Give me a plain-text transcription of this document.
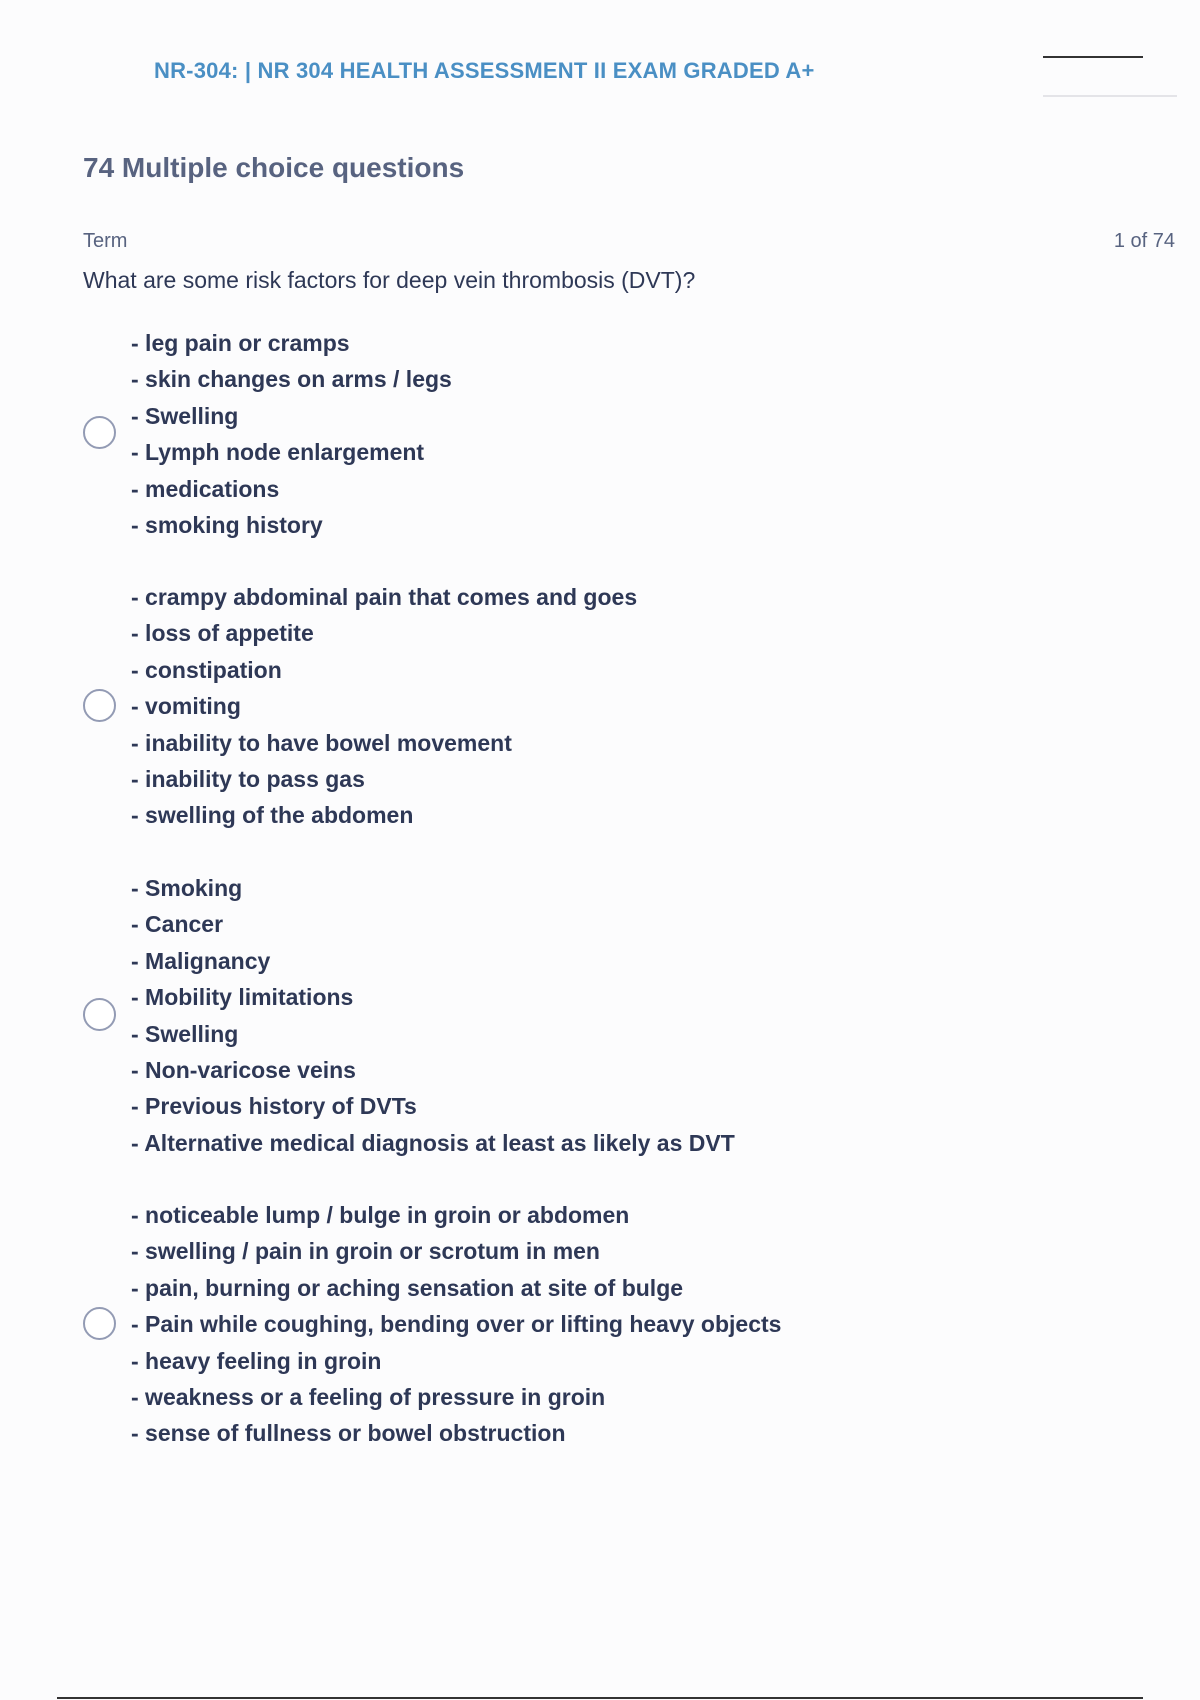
NR-304: | NR 304 HEALTH ASSESSMENT II EXAM GRADED A+
74 Multiple choice questions
Term	1 of 74
What are some risk factors for deep vein thrombosis (DVT)?
- leg pain or cramps
- skin changes on arms / legs
- Swelling
- Lymph node enlargement
- medications
- smoking history
- crampy abdominal pain that comes and goes
- loss of appetite
- constipation
- vomiting
- inability to have bowel movement
- inability to pass gas
- swelling of the abdomen
- Smoking
- Cancer
- Malignancy
- Mobility limitations
- Swelling
- Non-varicose veins
- Previous history of DVTs
- Alternative medical diagnosis at least as likely as DVT
- noticeable lump / bulge in groin or abdomen
- swelling / pain in groin or scrotum in men
- pain, burning or aching sensation at site of bulge
- Pain while coughing, bending over or lifting heavy objects
- heavy feeling in groin
- weakness or a feeling of pressure in groin
- sense of fullness or bowel obstruction
